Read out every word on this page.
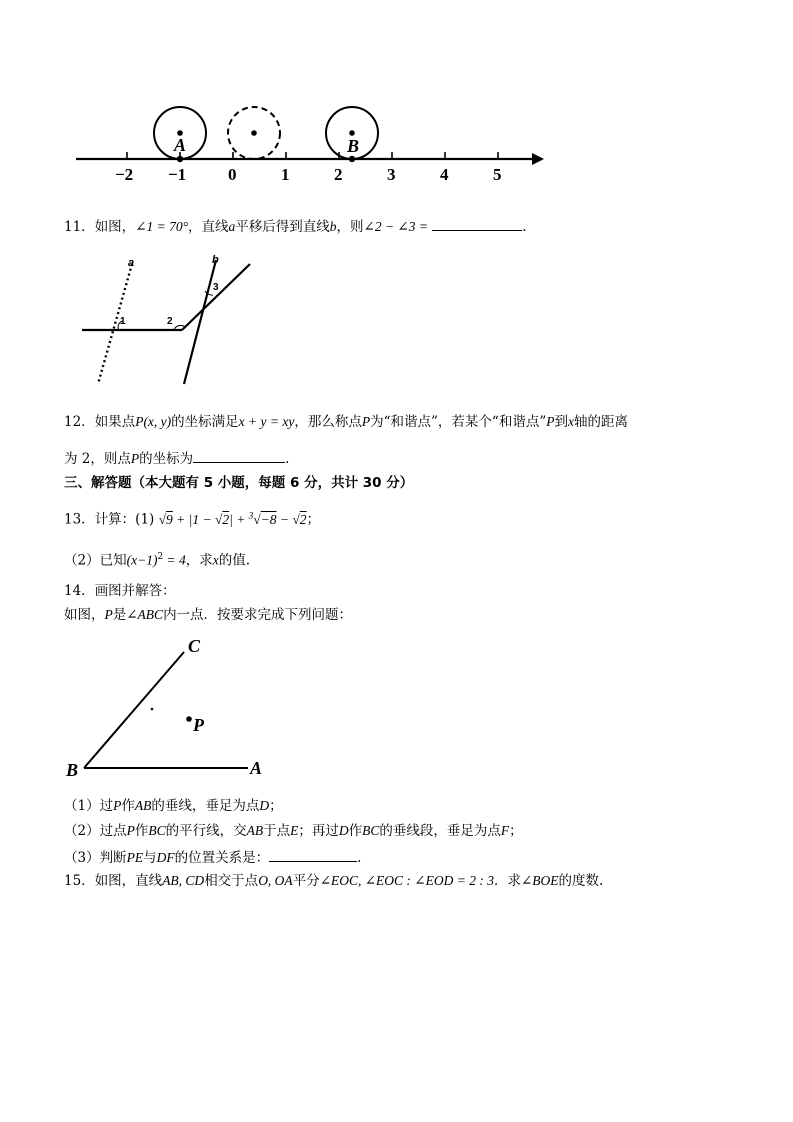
A	B
−2 −1 0	1	2	3	4	5
11．如图，∠1 = 70°，直线a平移后得到直线b，则∠2 − ∠3 =	.
a	b
1	2
3
12．如果点P(x, y)的坐标满足x + y = xy，那么称点P为“和谐点”，若某个“和谐点”P到x轴的距离
为 2，则点P的坐标为	.
三、解答题（本大题有 5 小题，每题 6 分，共计 30 分）
13．计算：(1) √9 + |1 − √2| + $^3$√−8 − √2；
（2）已知$(x-1)^2 = 4$，求x的值.
14．画图并解答：
如图，P是∠ABC内一点．按要求完成下列问题：
C
P
B	A
（1）过P作AB的垂线，垂足为点D；
（2）过点P作BC的平行线，交AB于点E；再过D作BC的垂线段，垂足为点F；
（3）判断PE与DF的位置关系是：	.
15．如图，直线AB, CD相交于点O, OA平分∠EOC, ∠EOC : ∠EOD = 2 : 3．求∠BOE的度数.
